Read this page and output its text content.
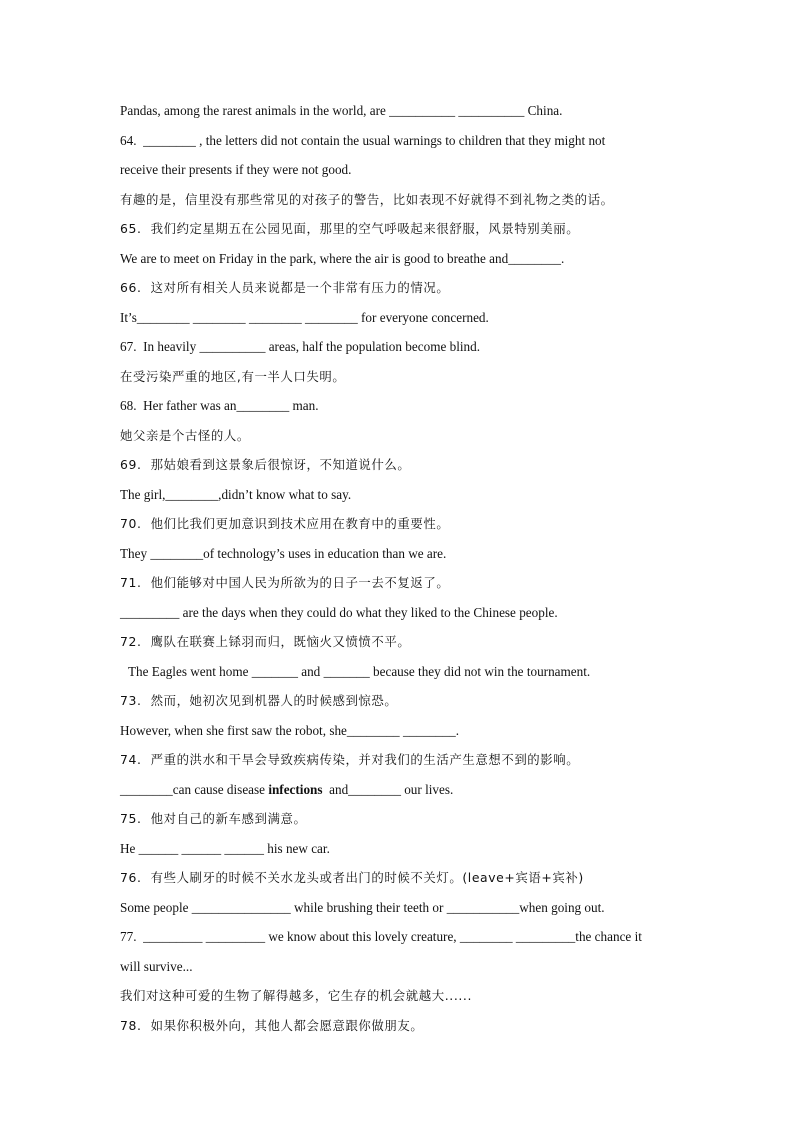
Pandas, among the rarest animals in the world, are __________ __________ China.
64.  ________ , the letters did not contain the usual warnings to children that they might not
receive their presents if they were not good.
有趣的是，信里没有那些常见的对孩子的警告，比如表现不好就得不到礼物之类的话。
65.  我们约定星期五在公园见面，那里的空气呼吸起来很舒服，风景特别美丽。
We are to meet on Friday in the park, where the air is good to breathe and________.
66.  这对所有相关人员来说都是一个非常有压力的情况。
It’s________ ________ ________ ________ for everyone concerned.
67.  In heavily __________ areas, half the population become blind.
在受污染严重的地区,有一半人口失明。
68.  Her father was an________ man.
她父亲是个古怪的人。
69.  那姑娘看到这景象后很惊讶，不知道说什么。
The girl,________,didn’t know what to say.
70.  他们比我们更加意识到技术应用在教育中的重要性。
They ________of technology’s uses in education than we are.
71.  他们能够对中国人民为所欲为的日子一去不复返了。
_________ are the days when they could do what they liked to the Chinese people.
72.  鹰队在联赛上铩羽而归，既恼火又愤愤不平。
The Eagles went home _______ and _______ because they did not win the tournament.
73.  然而，她初次见到机器人的时候感到惊恐。
However, when she first saw the robot, she________ ________.
74.  严重的洪水和干旱会导致疾病传染，并对我们的生活产生意想不到的影响。
________can cause disease infections  and________ our lives.
75.  他对自己的新车感到满意。
He ______ ______ ______ his new car.
76.  有些人刷牙的时候不关水龙头或者出门的时候不关灯。(leave+宾语+宾补)
Some people _______________ while brushing their teeth or ___________when going out.
77.  _________ _________ we know about this lovely creature, ________ _________the chance it
will survive...
我们对这种可爱的生物了解得越多，它生存的机会就越大......
78.  如果你积极外向，其他人都会愿意跟你做朋友。
